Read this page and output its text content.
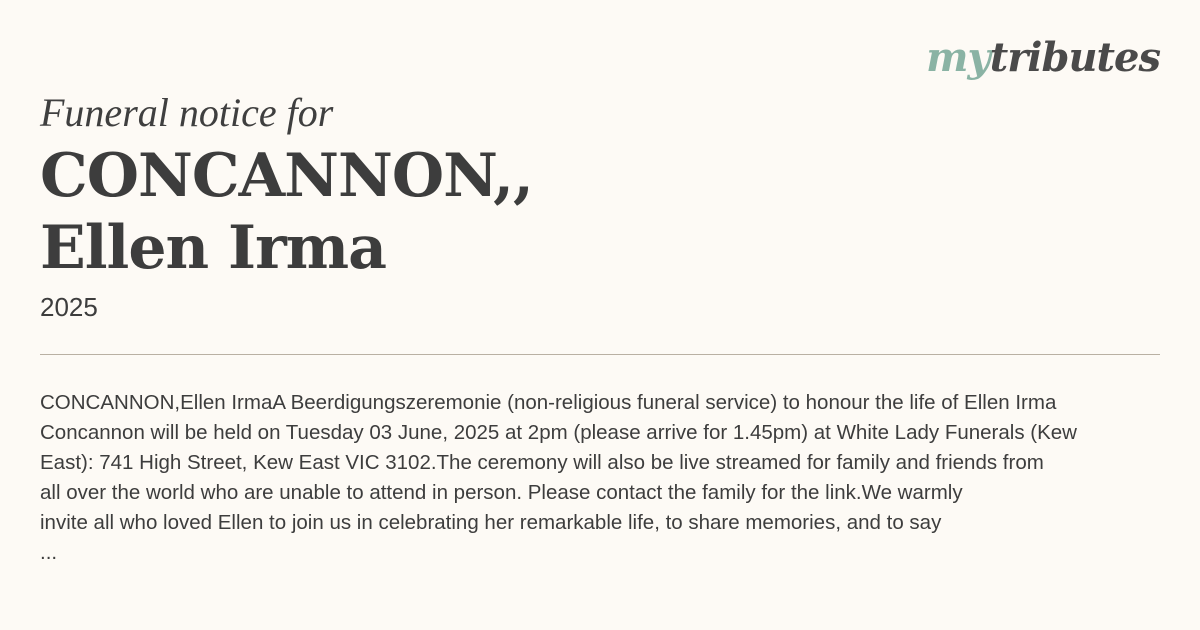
mytributes
Funeral notice for
CONCANNON,,
Ellen Irma
2025
CONCANNON,Ellen IrmaA Beerdigungszeremonie (non-religious funeral service) to honour the life of Ellen Irma
Concannon will be held on Tuesday 03 June, 2025 at 2pm (please arrive for 1.45pm) at White Lady Funerals (Kew
East): 741 High Street, Kew East VIC 3102.The ceremony will also be live streamed for family and friends from
all over the world who are unable to attend in person. Please contact the family for the link.We warmly
invite all who loved Ellen to join us in celebrating her remarkable life, to share memories, and to say
...
